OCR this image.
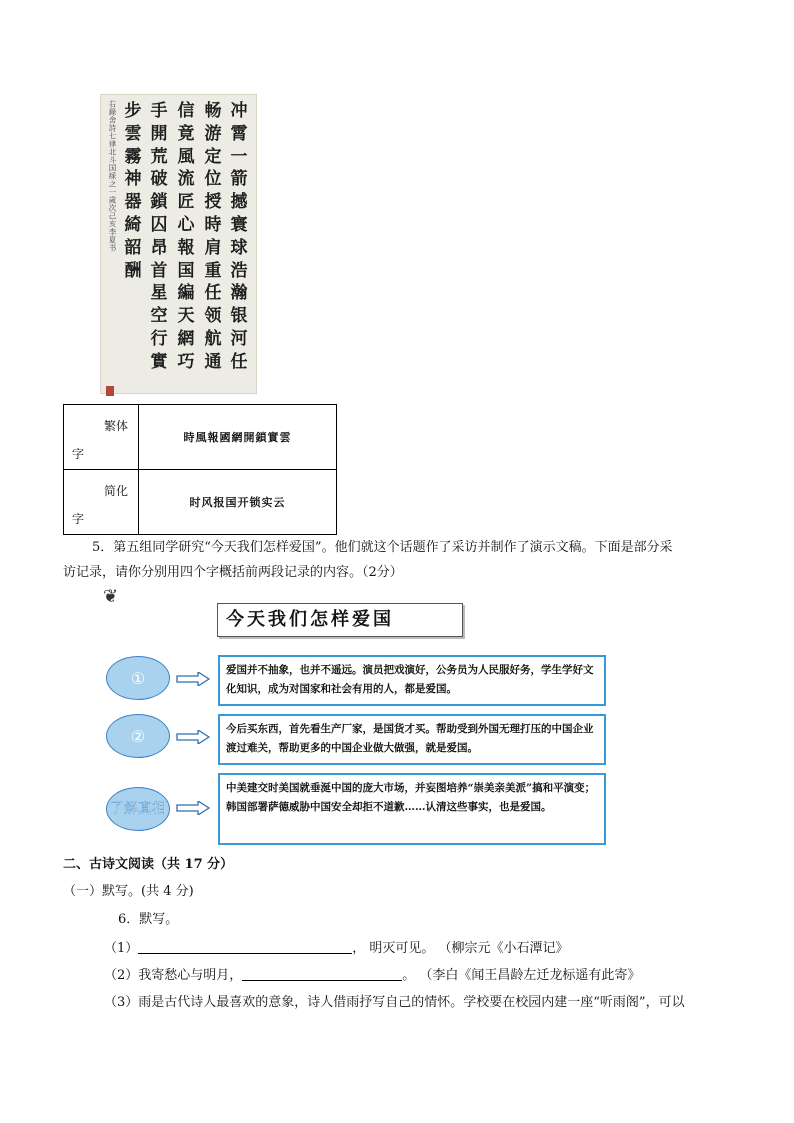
冲
霄
一
箭
撼
寰
球
浩
瀚
银
河
任
畅
游
定
位
授
時
肩
重
任
领
航
通
信
竟
風
流
匠
心
報
国
編
天
網
巧
手
開
荒
破
鎖
囚
昂
首
星
空
行
實
步
雲
霧
神
器
綺
韶
酬
右錄舍詩七律北斗国綵之一歲次己亥李夏书
繁体
字	時風報國網開鎖實雲

简化
字	时风报国开锁实云
5．第五组同学研究“今天我们怎样爱国”。他们就这个话题作了采访并制作了演示文稿。下面是部分采
访记录，请你分别用四个字概括前两段记录的内容。（2分）
❦
今天我们怎样爱国
①	爱国并不抽象，也并不遥远。演员把戏演好，公务员为人民服好务，学生学好文化知识，成为对国家和社会有用的人，都是爱国。
②	今后买东西，首先看生产厂家，是国货才买。帮助受到外国无理打压的中国企业渡过难关，帮助更多的中国企业做大做强，就是爱国。
了解真相
中美建交时美国就垂涎中国的庞大市场，并妄图培养“崇美亲美派”搞和平演变；韩国部署萨德威胁中国安全却拒不道歉……认清这些事实，也是爱国。
二、古诗文阅读（共 17 分）
（一）默写。(共 4 分)
6．默写。
（1）	， 明灭可见。 （柳宗元《小石潭记》
（2）我寄愁心与明月，	。 （李白《闻王昌龄左迁龙标遥有此寄》
（3）雨是古代诗人最喜欢的意象，诗人借雨抒写自己的情怀。学校要在校园内建一座“听雨阁”，可以
